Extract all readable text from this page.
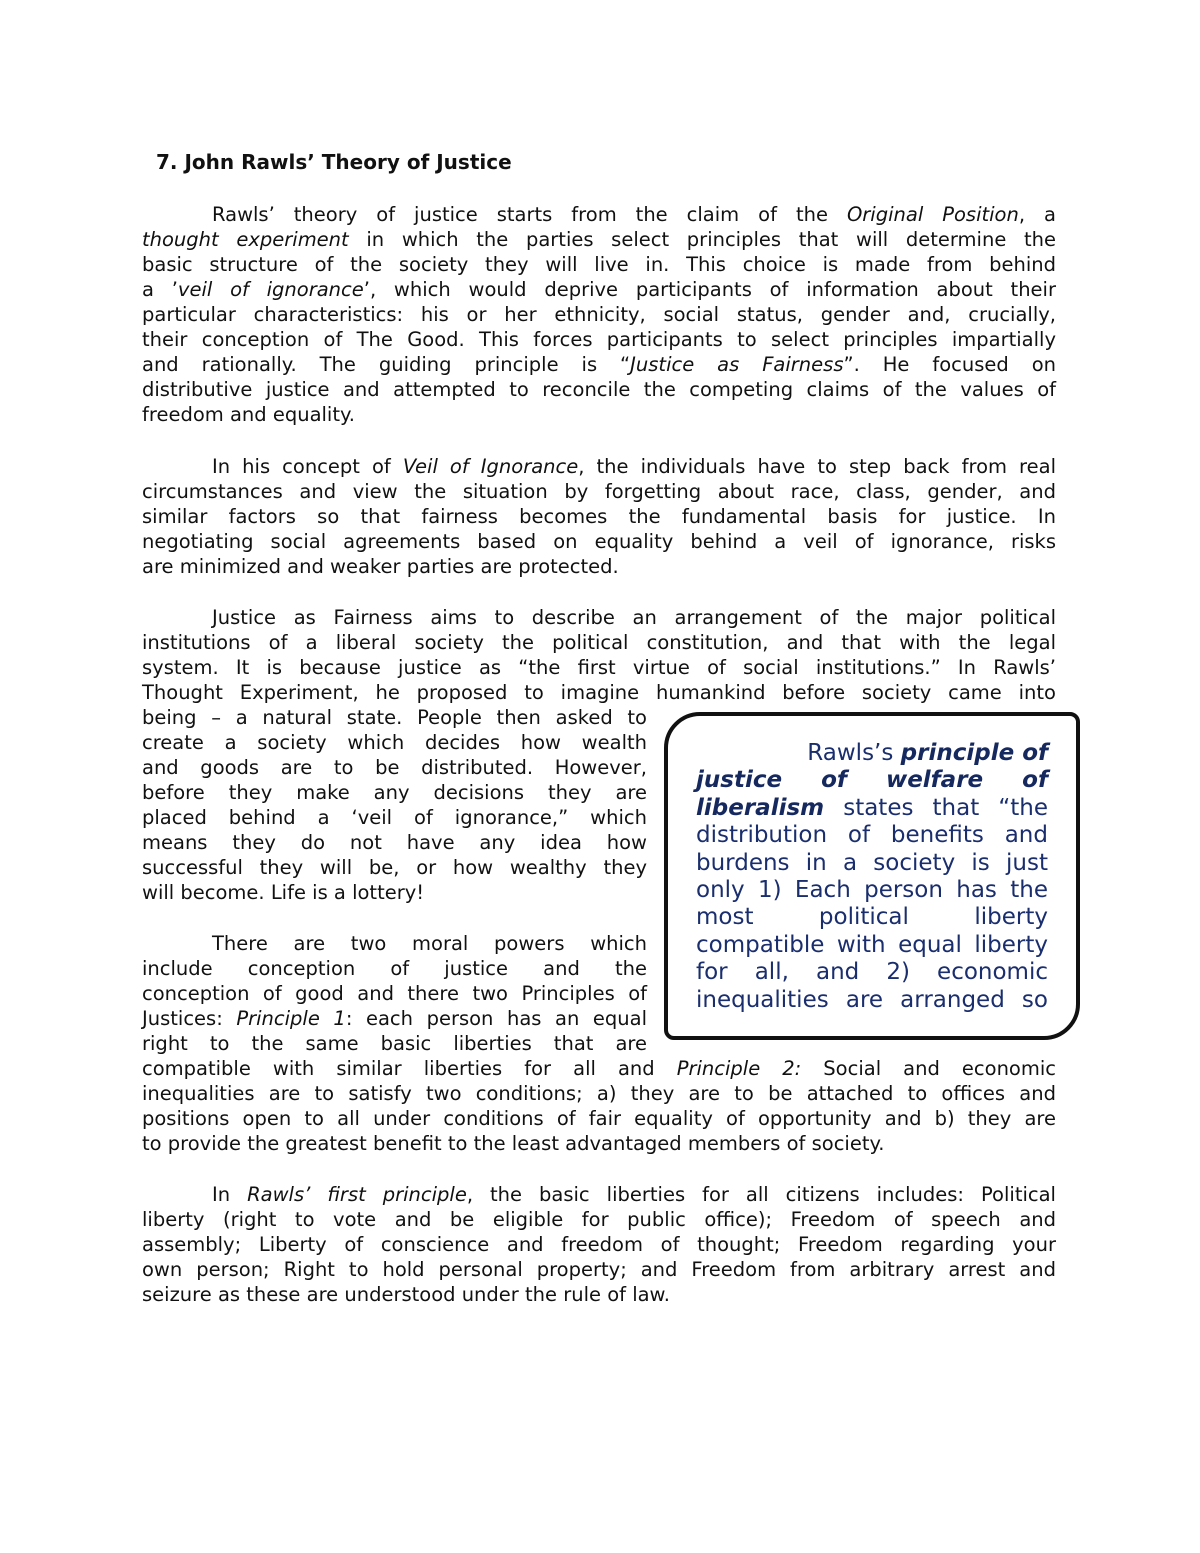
7. John Rawls’ Theory of Justice
Rawls’ theory of justice starts from the claim of the Original Position, a
thought experiment in which the parties select principles that will determine the
basic structure of the society they will live in. This choice is made from behind
a ’veil of ignorance’, which would deprive participants of information about their
particular characteristics: his or her ethnicity, social status, gender and, crucially,
their conception of The Good. This forces participants to select principles impartially
and rationally. The guiding principle is “Justice as Fairness”. He focused on
distributive justice and attempted to reconcile the competing claims of the values of
freedom and equality.
In his concept of Veil of Ignorance, the individuals have to step back from real
circumstances and view the situation by forgetting about race, class, gender, and
similar factors so that fairness becomes the fundamental basis for justice. In
negotiating social agreements based on equality behind a veil of ignorance, risks
are minimized and weaker parties are protected.
Justice as Fairness aims to describe an arrangement of the major political
institutions of a liberal society the political constitution, and that with the legal
system. It is because justice as “the first virtue of social institutions.” In Rawls’
Thought Experiment, he proposed to imagine humankind before society came into
being – a natural state. People then asked to
create a society which decides how wealth
and goods are to be distributed. However,
before they make any decisions they are
placed behind a ‘veil of ignorance,” which
means they do not have any idea how
successful they will be, or how wealthy they
will become. Life is a lottery!
There are two moral powers which
include conception of justice and the
conception of good and there two Principles of
Justices: Principle 1: each person has an equal
right to the same basic liberties that are
compatible with similar liberties for all and Principle 2: Social and economic
inequalities are to satisfy two conditions; a) they are to be attached to offices and
positions open to all under conditions of fair equality of opportunity and b) they are
to provide the greatest benefit to the least advantaged members of society.
In Rawls’ first principle, the basic liberties for all citizens includes: Political
liberty (right to vote and be eligible for public office); Freedom of speech and
assembly; Liberty of conscience and freedom of thought; Freedom regarding your
own person; Right to hold personal property; and Freedom from arbitrary arrest and
seizure as these are understood under the rule of law.
Rawls’s principle of
justice of welfare of
liberalism states that “the
distribution of benefits and
burdens in a society is just
only 1) Each person has the
most political liberty
compatible with equal liberty
for all, and 2) economic
inequalities are arranged so
